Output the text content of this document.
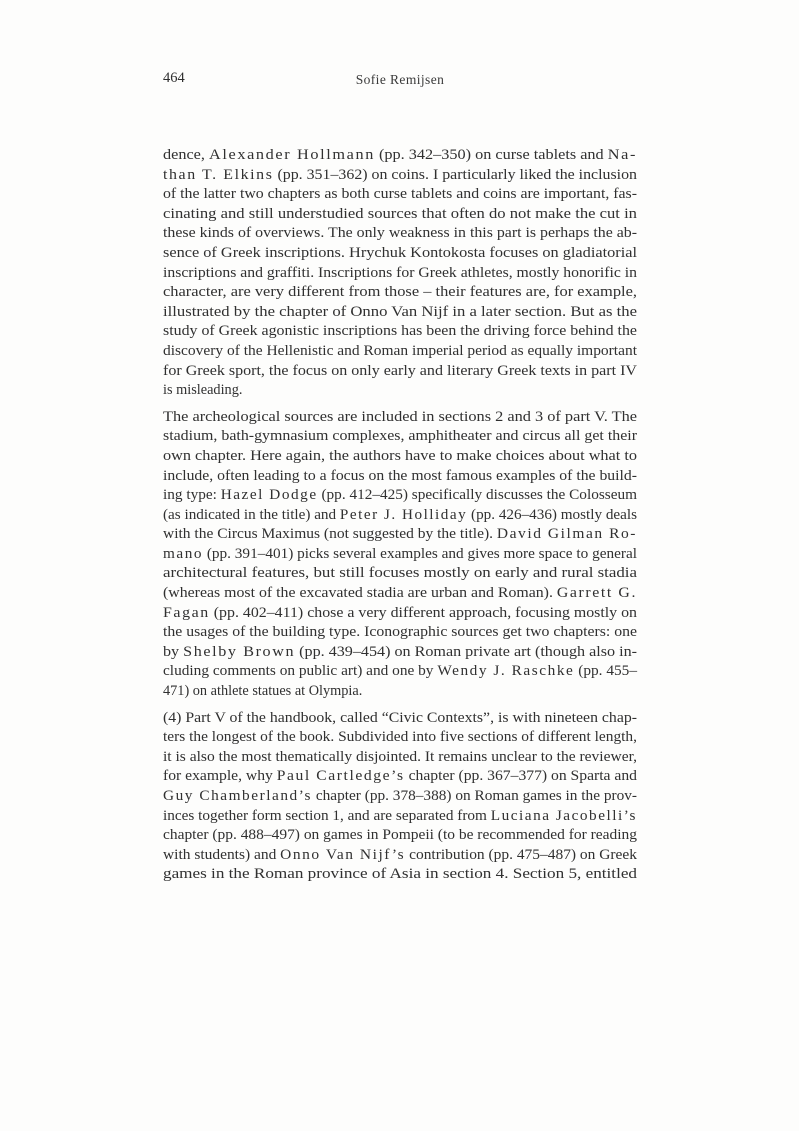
464	Sofie Remijsen
dence, Alexander Hollmann (pp. 342–350) on curse tablets and Na-
than T. Elkins (pp. 351–362) on coins. I particularly liked the inclusion
of the latter two chapters as both curse tablets and coins are important, fas-
cinating and still understudied sources that often do not make the cut in
these kinds of overviews. The only weakness in this part is perhaps the ab-
sence of Greek inscriptions. Hrychuk Kontokosta focuses on gladiatorial
inscriptions and graffiti. Inscriptions for Greek athletes, mostly honorific in
character, are very different from those – their features are, for example,
illustrated by the chapter of Onno Van Nijf in a later section. But as the
study of Greek agonistic inscriptions has been the driving force behind the
discovery of the Hellenistic and Roman imperial period as equally important
for Greek sport, the focus on only early and literary Greek texts in part IV
is misleading.
The archeological sources are included in sections 2 and 3 of part V. The
stadium, bath-gymnasium complexes, amphitheater and circus all get their
own chapter. Here again, the authors have to make choices about what to
include, often leading to a focus on the most famous examples of the build-
ing type: Hazel Dodge (pp. 412–425) specifically discusses the Colosseum
(as indicated in the title) and Peter J. Holliday (pp. 426–436) mostly deals
with the Circus Maximus (not suggested by the title). David Gilman Ro-
mano (pp. 391–401) picks several examples and gives more space to general
architectural features, but still focuses mostly on early and rural stadia
(whereas most of the excavated stadia are urban and Roman). Garrett G.
Fagan (pp. 402–411) chose a very different approach, focusing mostly on
the usages of the building type. Iconographic sources get two chapters: one
by Shelby Brown (pp. 439–454) on Roman private art (though also in-
cluding comments on public art) and one by Wendy J. Raschke (pp. 455–
471) on athlete statues at Olympia.
(4) Part V of the handbook, called “Civic Contexts”, is with nineteen chap-
ters the longest of the book. Subdivided into five sections of different length,
it is also the most thematically disjointed. It remains unclear to the reviewer,
for example, why Paul Cartledge’s chapter (pp. 367–377) on Sparta and
Guy Chamberland’s chapter (pp. 378–388) on Roman games in the prov-
inces together form section 1, and are separated from Luciana Jacobelli’s
chapter (pp. 488–497) on games in Pompeii (to be recommended for reading
with students) and Onno Van Nijf’s contribution (pp. 475–487) on Greek
games in the Roman province of Asia in section 4. Section 5, entitled
